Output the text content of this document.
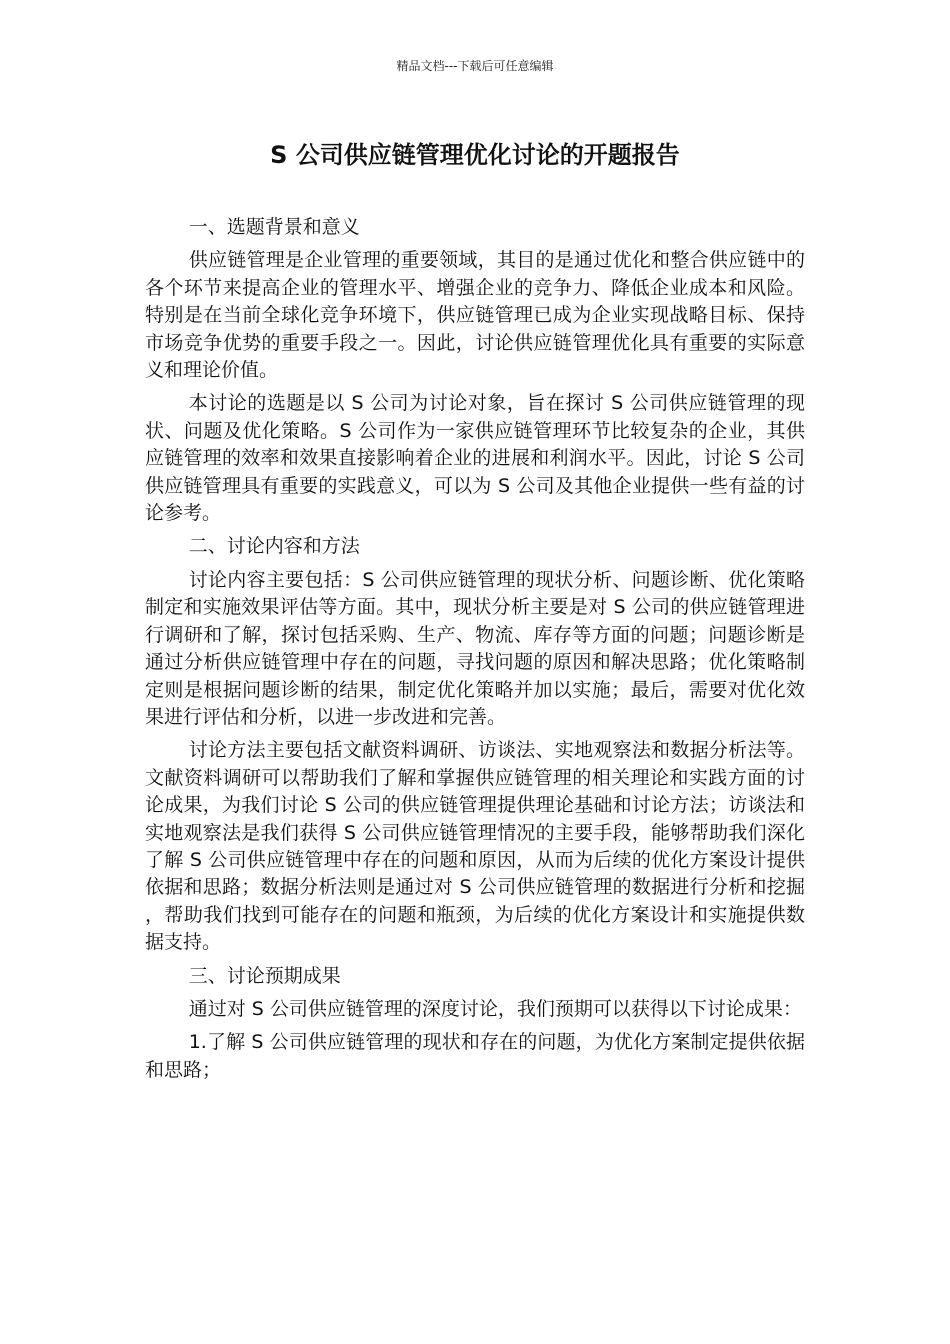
精品文档---下载后可任意编辑
S 公司供应链管理优化讨论的开题报告

一、选题背景和意义

供应链管理是企业管理的重要领域，其目的是通过优化和整合供应链中的各个环节来提高企业的管理水平、增强企业的竞争力、降低企业成本和风险。特别是在当前全球化竞争环境下，供应链管理已成为企业实现战略目标、保持市场竞争优势的重要手段之一。因此，讨论供应链管理优化具有重要的实际意义和理论价值。

本讨论的选题是以 S 公司为讨论对象，旨在探讨 S 公司供应链管理的现状、问题及优化策略。S 公司作为一家供应链管理环节比较复杂的企业，其供应链管理的效率和效果直接影响着企业的进展和利润水平。因此，讨论 S 公司供应链管理具有重要的实践意义，可以为 S 公司及其他企业提供一些有益的讨论参考。

二、讨论内容和方法

讨论内容主要包括：S 公司供应链管理的现状分析、问题诊断、优化策略制定和实施效果评估等方面。其中，现状分析主要是对 S 公司的供应链管理进行调研和了解，探讨包括采购、生产、物流、库存等方面的问题；问题诊断是通过分析供应链管理中存在的问题，寻找问题的原因和解决思路；优化策略制定则是根据问题诊断的结果，制定优化策略并加以实施；最后，需要对优化效果进行评估和分析，以进一步改进和完善。

讨论方法主要包括文献资料调研、访谈法、实地观察法和数据分析法等。文献资料调研可以帮助我们了解和掌握供应链管理的相关理论和实践方面的讨论成果，为我们讨论 S 公司的供应链管理提供理论基础和讨论方法；访谈法和实地观察法是我们获得 S 公司供应链管理情况的主要手段，能够帮助我们深化了解 S 公司供应链管理中存在的问题和原因，从而为后续的优化方案设计提供依据和思路；数据分析法则是通过对 S 公司供应链管理的数据进行分析和挖掘，帮助我们找到可能存在的问题和瓶颈，为后续的优化方案设计和实施提供数据支持。

三、讨论预期成果

通过对 S 公司供应链管理的深度讨论，我们预期可以获得以下讨论成果：

1.了解 S 公司供应链管理的现状和存在的问题，为优化方案制定提供依据和思路；
